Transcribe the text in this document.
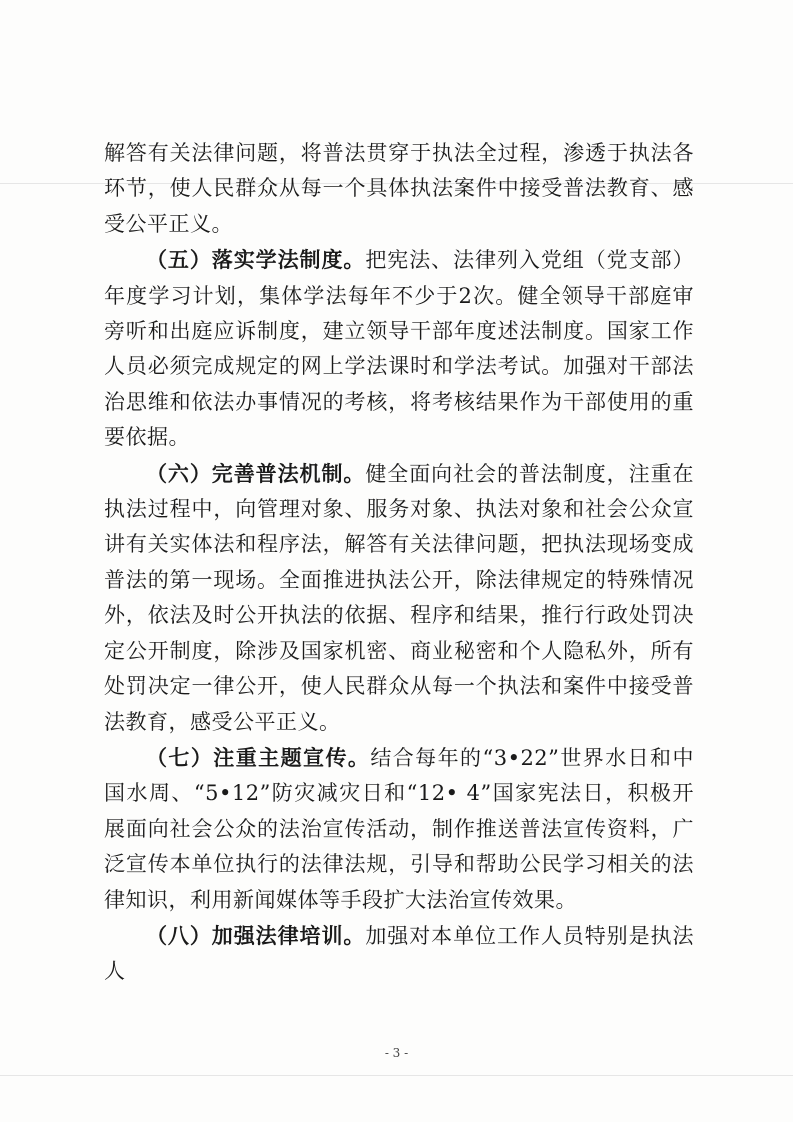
解答有关法律问题，将普法贯穿于执法全过程，渗透于执法各环节，使人民群众从每一个具体执法案件中接受普法教育、感受公平正义。

（五）落实学法制度。把宪法、法律列入党组（党支部）年度学习计划，集体学法每年不少于2次。健全领导干部庭审旁听和出庭应诉制度，建立领导干部年度述法制度。国家工作人员必须完成规定的网上学法课时和学法考试。加强对干部法治思维和依法办事情况的考核，将考核结果作为干部使用的重要依据。

（六）完善普法机制。健全面向社会的普法制度，注重在执法过程中，向管理对象、服务对象、执法对象和社会公众宣讲有关实体法和程序法，解答有关法律问题，把执法现场变成普法的第一现场。全面推进执法公开，除法律规定的特殊情况外，依法及时公开执法的依据、程序和结果，推行行政处罚决定公开制度，除涉及国家机密、商业秘密和个人隐私外，所有处罚决定一律公开，使人民群众从每一个执法和案件中接受普法教育，感受公平正义。

（七）注重主题宣传。结合每年的“3•22”世界水日和中国水周、“5•12”防灾减灾日和“12• 4”国家宪法日，积极开展面向社会公众的法治宣传活动，制作推送普法宣传资料，广泛宣传本单位执行的法律法规，引导和帮助公民学习相关的法律知识，利用新闻媒体等手段扩大法治宣传效果。

（八）加强法律培训。加强对本单位工作人员特别是执法人

- 3 -
